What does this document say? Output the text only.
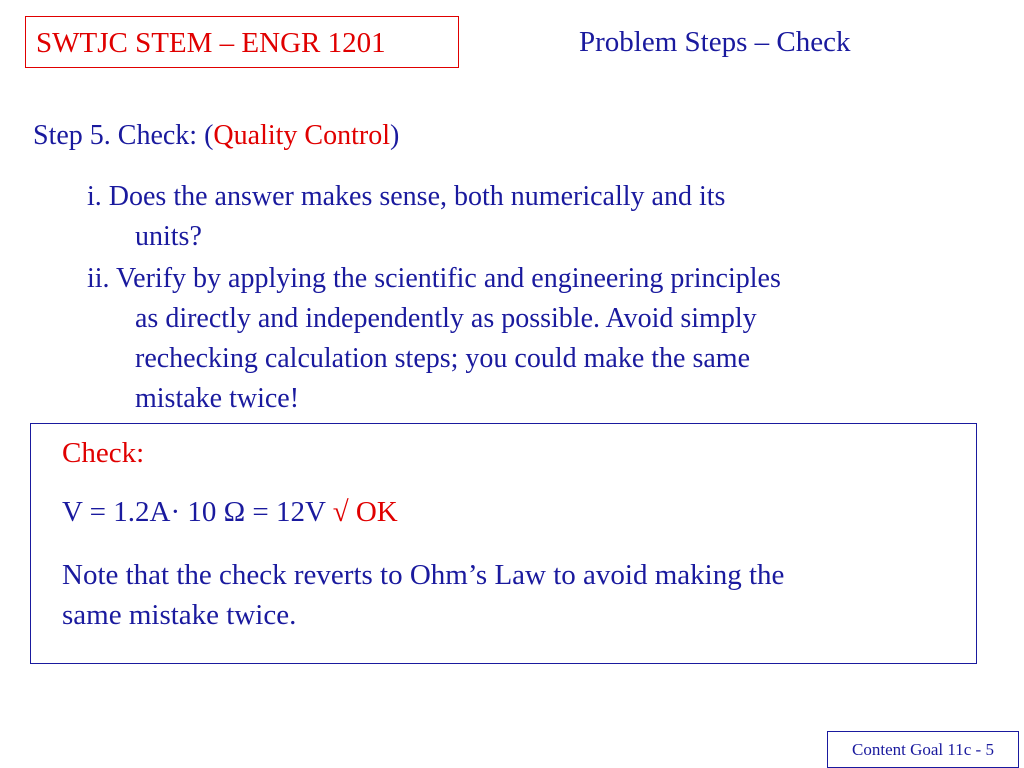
SWTJC STEM – ENGR 1201	Problem Steps – Check
Step 5. Check: (Quality Control)
i. Does the answer makes sense, both numerically and its
units?
ii. Verify by applying the scientific and engineering principles
as directly and independently as possible. Avoid simply
rechecking calculation steps; you could make the same
mistake twice!
Check:
V = 1.2A· 10 Ω = 12V √ OK
Note that the check reverts to Ohm’s Law to avoid making the
same mistake twice.
Content Goal 11c - 5
